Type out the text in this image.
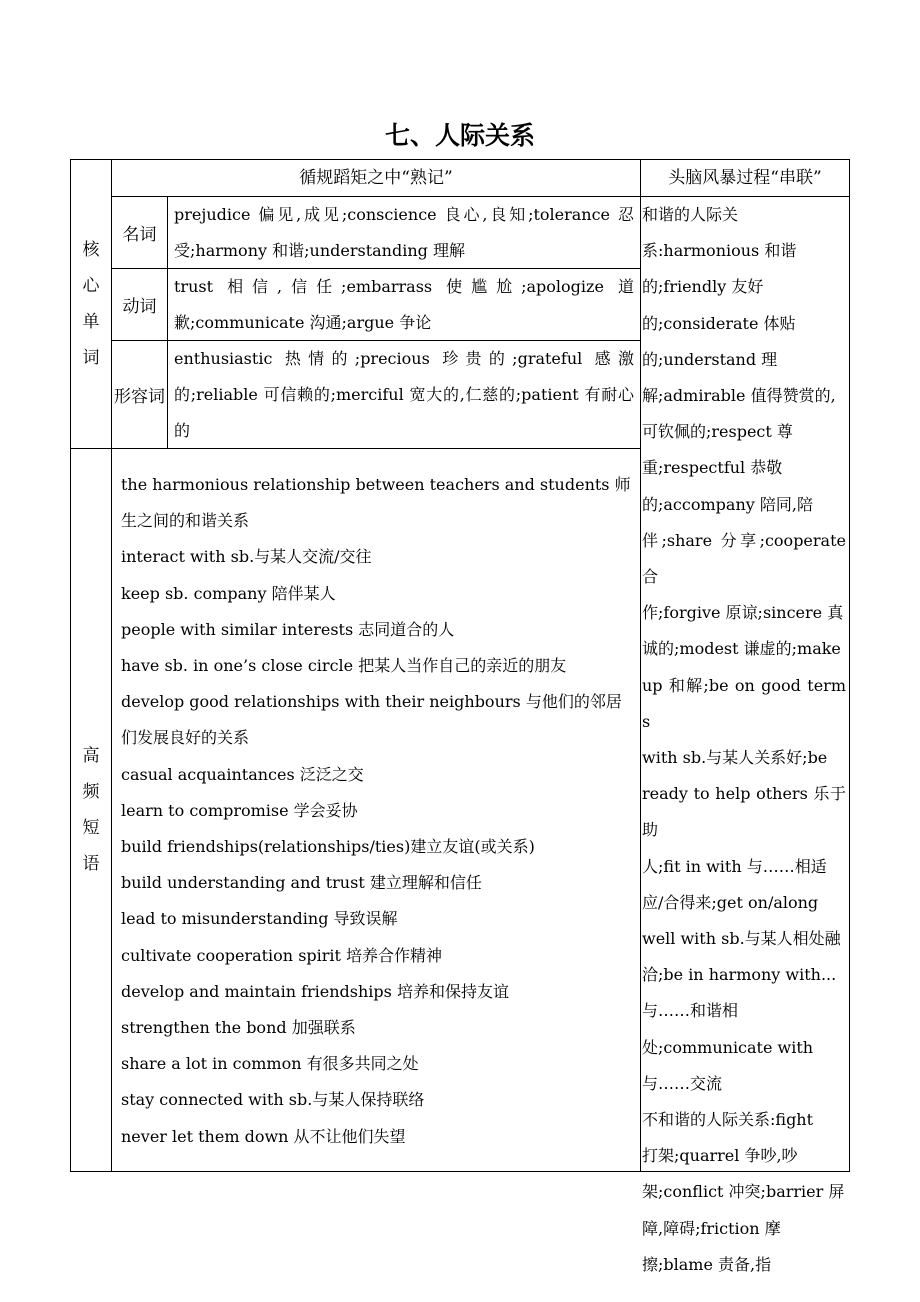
七、人际关系
循规蹈矩之中“熟记”	头脑风暴过程“串联”
核心单词
名词
prejudice 偏见,成见;conscience 良心,良知;tolerance 忍受;harmony 和谐;understanding 理解
动词
trust 相信,信任;embarrass 使尴尬;apologize 道歉;communicate 沟通;argue 争论
形容词
enthusiastic 热情的;precious 珍贵的;grateful 感激的;reliable 可信赖的;merciful 宽大的,仁慈的;patient 有耐心的
高频短语
the harmonious relationship between teachers and students 师生之间的和谐关系
interact with sb.与某人交流/交往
keep sb. company 陪伴某人
people with similar interests 志同道合的人
have sb. in one’s close circle 把某人当作自己的亲近的朋友
develop good relationships with their neighbours 与他们的邻居们发展良好的关系
casual acquaintances 泛泛之交
learn to compromise 学会妥协
build friendships(relationships/ties)建立友谊(或关系)
build understanding and trust 建立理解和信任
lead to misunderstanding 导致误解
cultivate cooperation spirit 培养合作精神
develop and maintain friendships 培养和保持友谊
strengthen the bond 加强联系
share a lot in common 有很多共同之处
stay connected with sb.与某人保持联络
never let them down 从不让他们失望
和谐的人际关
系:harmonious 和谐
的;friendly 友好
的;considerate 体贴
的;understand 理
解;admirable 值得赞赏的,
可钦佩的;respect 尊
重;respectful 恭敬
的;accompany 陪同,陪
伴;share 分享;cooperate 合
作;forgive 原谅;sincere 真
诚的;modest 谦虚的;make
up 和解;be on good terms
with sb.与某人关系好;be
ready to help others 乐于助
人;fit in with 与……相适
应/合得来;get on/along
well with sb.与某人相处融
洽;be in harmony with...
与……和谐相
处;communicate with
与……交流
不和谐的人际关系:fight
打架;quarrel 争吵,吵
架;conflict 冲突;barrier 屏
障,障碍;friction 摩
擦;blame 责备,指
